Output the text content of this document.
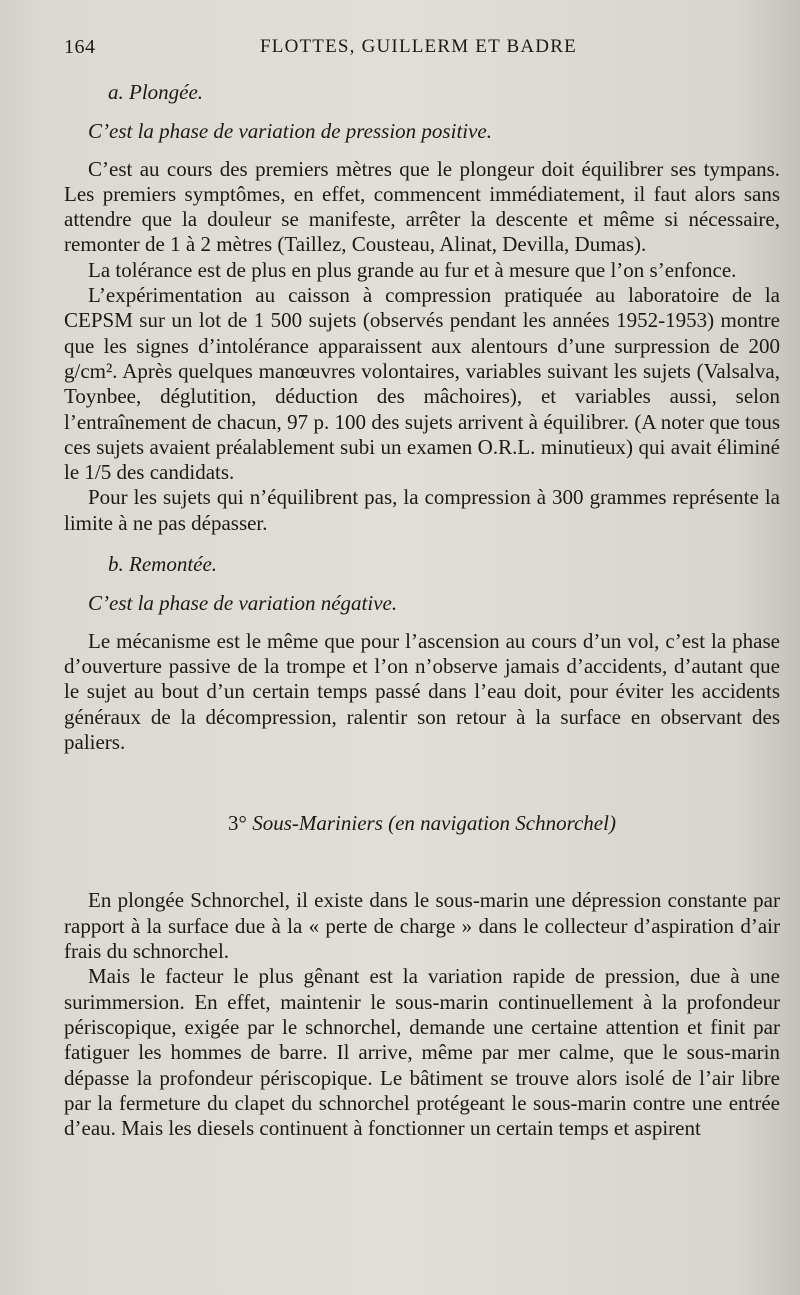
164	FLOTTES, GUILLERM ET BADRE

a. Plongée.

C’est la phase de variation de pression positive.

C’est au cours des premiers mètres que le plongeur doit équilibrer ses tympans. Les premiers symptômes, en effet, commencent immédiatement, il faut alors sans attendre que la douleur se manifeste, arrêter la descente et même si nécessaire, remonter de 1 à 2 mètres (Taillez, Cousteau, Alinat, Devilla, Dumas).

La tolérance est de plus en plus grande au fur et à mesure que l’on s’enfonce.

L’expérimentation au caisson à compression pratiquée au laboratoire de la CEPSM sur un lot de 1 500 sujets (observés pendant les années 1952-1953) montre que les signes d’intolérance apparaissent aux alentours d’une surpression de 200 g/cm². Après quelques manœuvres volontaires, variables suivant les sujets (Valsalva, Toynbee, déglutition, déduction des mâchoires), et variables aussi, selon l’entraînement de chacun, 97 p. 100 des sujets arrivent à équilibrer. (A noter que tous ces sujets avaient préalablement subi un examen O.R.L. minutieux) qui avait éliminé le 1/5 des candidats.

Pour les sujets qui n’équilibrent pas, la compression à 300 grammes représente la limite à ne pas dépasser.

b. Remontée.

C’est la phase de variation négative.

Le mécanisme est le même que pour l’ascension au cours d’un vol, c’est la phase d’ouverture passive de la trompe et l’on n’observe jamais d’accidents, d’autant que le sujet au bout d’un certain temps passé dans l’eau doit, pour éviter les accidents généraux de la décompression, ralentir son retour à la surface en observant des paliers.

3° Sous-Mariniers (en navigation Schnorchel)

En plongée Schnorchel, il existe dans le sous-marin une dépression constante par rapport à la surface due à la « perte de charge » dans le collecteur d’aspiration d’air frais du schnorchel.

Mais le facteur le plus gênant est la variation rapide de pression, due à une surimmersion. En effet, maintenir le sous-marin continuellement à la profondeur périscopique, exigée par le schnorchel, demande une certaine attention et finit par fatiguer les hommes de barre. Il arrive, même par mer calme, que le sous-marin dépasse la profondeur périscopique. Le bâtiment se trouve alors isolé de l’air libre par la fermeture du clapet du schnorchel protégeant le sous-marin contre une entrée d’eau. Mais les diesels continuent à fonctionner un certain temps et aspirent
